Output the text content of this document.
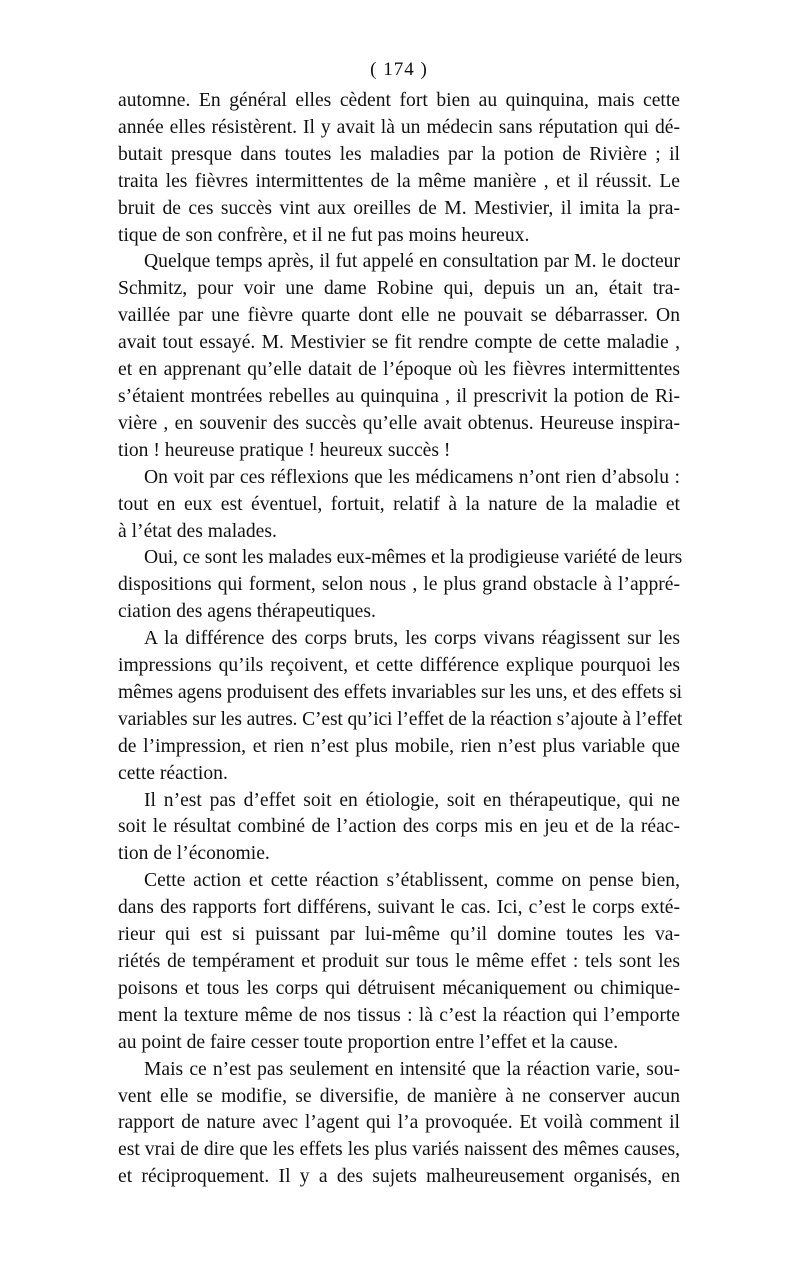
( 174 )
automne. En général elles cèdent fort bien au quinquina, mais cette
année elles résistèrent. Il y avait là un médecin sans réputation qui dé-
butait presque dans toutes les maladies par la potion de Rivière ; il
traita les fièvres intermittentes de la même manière , et il réussit. Le
bruit de ces succès vint aux oreilles de M. Mestivier, il imita la pra-
tique de son confrère, et il ne fut pas moins heureux.
Quelque temps après, il fut appelé en consultation par M. le docteur
Schmitz, pour voir une dame Robine qui, depuis un an, était tra-
vaillée par une fièvre quarte dont elle ne pouvait se débarrasser. On
avait tout essayé. M. Mestivier se fit rendre compte de cette maladie ,
et en apprenant qu’elle datait de l’époque où les fièvres intermittentes
s’étaient montrées rebelles au quinquina , il prescrivit la potion de Ri-
vière , en souvenir des succès qu’elle avait obtenus. Heureuse inspira-
tion ! heureuse pratique ! heureux succès !
On voit par ces réflexions que les médicamens n’ont rien d’absolu :
tout en eux est éventuel, fortuit, relatif à la nature de la maladie et
à l’état des malades.
Oui, ce sont les malades eux-mêmes et la prodigieuse variété de leurs
dispositions qui forment, selon nous , le plus grand obstacle à l’appré-
ciation des agens thérapeutiques.
A la différence des corps bruts, les corps vivans réagissent sur les
impressions qu’ils reçoivent, et cette différence explique pourquoi les
mêmes agens produisent des effets invariables sur les uns, et des effets si
variables sur les autres. C’est qu’ici l’effet de la réaction s’ajoute à l’effet
de l’impression, et rien n’est plus mobile, rien n’est plus variable que
cette réaction.
Il n’est pas d’effet soit en étiologie, soit en thérapeutique, qui ne
soit le résultat combiné de l’action des corps mis en jeu et de la réac-
tion de l’économie.
Cette action et cette réaction s’établissent, comme on pense bien,
dans des rapports fort différens, suivant le cas. Ici, c’est le corps exté-
rieur qui est si puissant par lui-même qu’il domine toutes les va-
riétés de tempérament et produit sur tous le même effet : tels sont les
poisons et tous les corps qui détruisent mécaniquement ou chimique-
ment la texture même de nos tissus : là c’est la réaction qui l’emporte
au point de faire cesser toute proportion entre l’effet et la cause.
Mais ce n’est pas seulement en intensité que la réaction varie, sou-
vent elle se modifie, se diversifie, de manière à ne conserver aucun
rapport de nature avec l’agent qui l’a provoquée. Et voilà comment il
est vrai de dire que les effets les plus variés naissent des mêmes causes,
et réciproquement. Il y a des sujets malheureusement organisés, en
